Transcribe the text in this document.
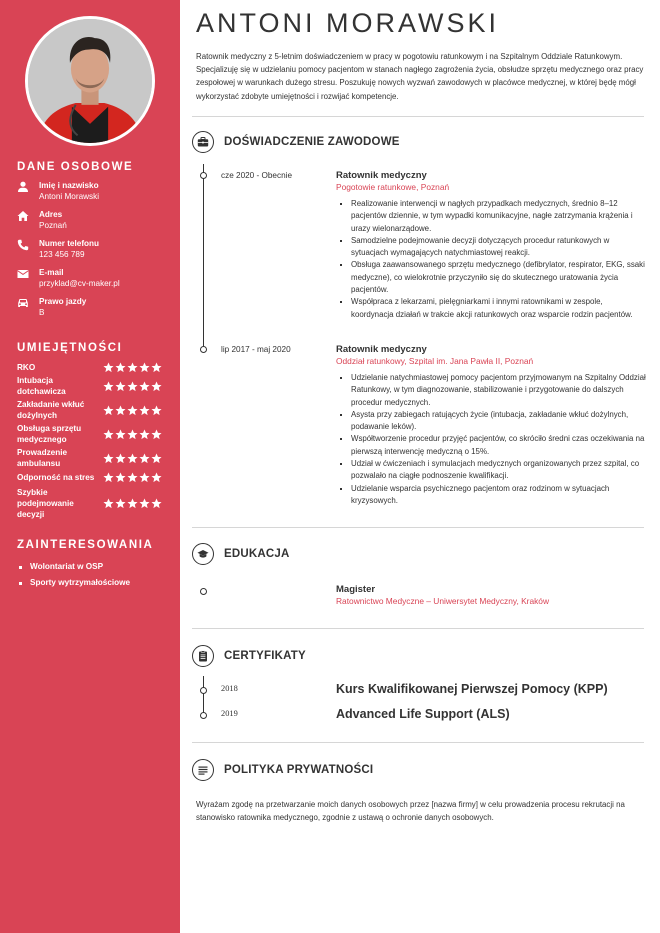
DANE OSOBOWE
Imię i nazwisko
Antoni Morawski
Adres
Poznań
Numer telefonu
123 456 789
E-mail
przyklad@cv-maker.pl
Prawo jazdy
B
UMIEJĘTNOŚCI
RKO
Intubacja dotchawicza
Zakładanie wkłuć dożylnych
Obsługa sprzętu medycznego
Prowadzenie ambulansu
Odporność na stres
Szybkie podejmowanie decyzji
ZAINTERESOWANIA
Wolontariat w OSP
Sporty wytrzymałościowe
ANTONI MORAWSKI

Ratownik medyczny z 5-letnim doświadczeniem w pracy w pogotowiu ratunkowym i na Szpitalnym Oddziale Ratunkowym. Specjalizuję się w udzielaniu pomocy pacjentom w stanach nagłego zagrożenia życia, obsłudze sprzętu medycznego oraz pracy zespołowej w warunkach dużego stresu. Poszukuję nowych wyzwań zawodowych w placówce medycznej, w której będę mógł wykorzystać zdobyte umiejętności i rozwijać kompetencje.

DOŚWIADCZENIE ZAWODOWE
cze 2020 - Obecnie	Ratownik medyczny
Pogotowie ratunkowe, Poznań
Realizowanie interwencji w nagłych przypadkach medycznych, średnio 8–12 pacjentów dziennie, w tym wypadki komunikacyjne, nagłe zatrzymania krążenia i urazy wielonarządowe.
Samodzielne podejmowanie decyzji dotyczących procedur ratunkowych w sytuacjach wymagających natychmiastowej reakcji.
Obsługa zaawansowanego sprzętu medycznego (defibrylator, respirator, EKG, ssaki medyczne), co wielokrotnie przyczyniło się do skutecznego uratowania życia pacjentów.
Współpraca z lekarzami, pielęgniarkami i innymi ratownikami w zespole, koordynacja działań w trakcie akcji ratunkowych oraz wsparcie rodzin pacjentów.
lip 2017 - maj 2020	Ratownik medyczny
Oddział ratunkowy, Szpital im. Jana Pawła II, Poznań
Udzielanie natychmiastowej pomocy pacjentom przyjmowanym na Szpitalny Oddział Ratunkowy, w tym diagnozowanie, stabilizowanie i przygotowanie do dalszych procedur medycznych.
Asysta przy zabiegach ratujących życie (intubacja, zakładanie wkłuć dożylnych, podawanie leków).
Współtworzenie procedur przyjęć pacjentów, co skróciło średni czas oczekiwania na pierwszą interwencję medyczną o 15%.
Udział w ćwiczeniach i symulacjach medycznych organizowanych przez szpital, co pozwalało na ciągłe podnoszenie kwalifikacji.
Udzielanie wsparcia psychicznego pacjentom oraz rodzinom w sytuacjach kryzysowych.
EDUKACJA
Magister
Ratownictwo Medyczne – Uniwersytet Medyczny, Kraków
CERTYFIKATY
2018	Kurs Kwalifikowanej Pierwszej Pomocy (KPP)
2019	Advanced Life Support (ALS)
POLITYKA PRYWATNOŚCI

Wyrażam zgodę na przetwarzanie moich danych osobowych przez [nazwa firmy] w celu prowadzenia procesu rekrutacji na stanowisko ratownika medycznego, zgodnie z ustawą o ochronie danych osobowych.
